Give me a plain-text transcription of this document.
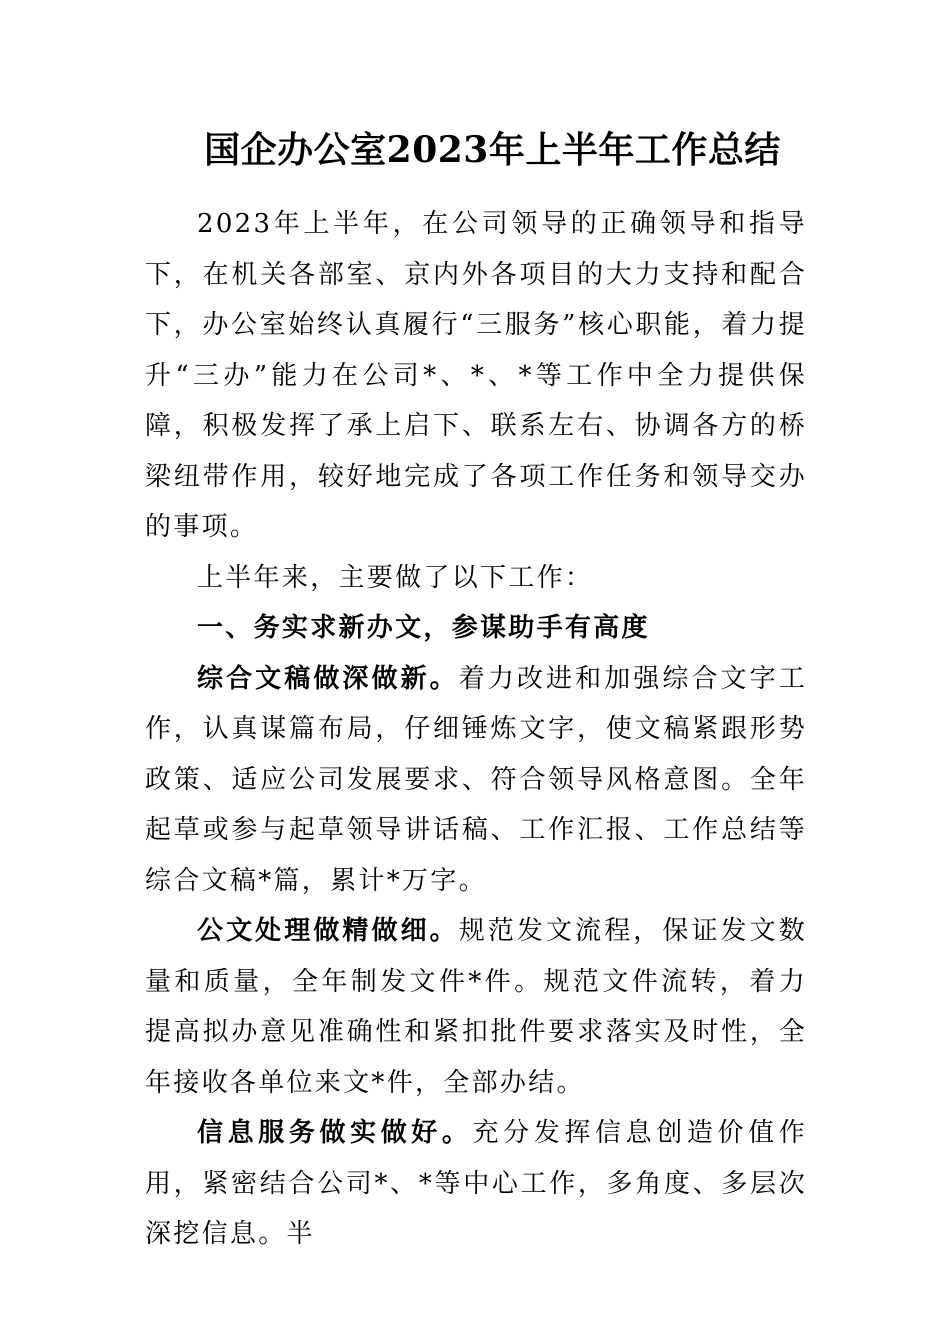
国企办公室2023年上半年工作总结

2023年上半年，在公司领导的正确领导和指导下，在机关各部室、京内外各项目的大力支持和配合下，办公室始终认真履行“三服务”核心职能，着力提升“三办”能力在公司*、*、*等工作中全力提供保障，积极发挥了承上启下、联系左右、协调各方的桥梁纽带作用，较好地完成了各项工作任务和领导交办的事项。

上半年来，主要做了以下工作：

一、务实求新办文，参谋助手有高度

综合文稿做深做新。着力改进和加强综合文字工作，认真谋篇布局，仔细锤炼文字，使文稿紧跟形势政策、适应公司发展要求、符合领导风格意图。全年起草或参与起草领导讲话稿、工作汇报、工作总结等综合文稿*篇，累计*万字。

公文处理做精做细。规范发文流程，保证发文数量和质量，全年制发文件*件。规范文件流转，着力提高拟办意见准确性和紧扣批件要求落实及时性，全年接收各单位来文*件，全部办结。

信息服务做实做好。充分发挥信息创造价值作用，紧密结合公司*、*等中心工作，多角度、多层次深挖信息。半
